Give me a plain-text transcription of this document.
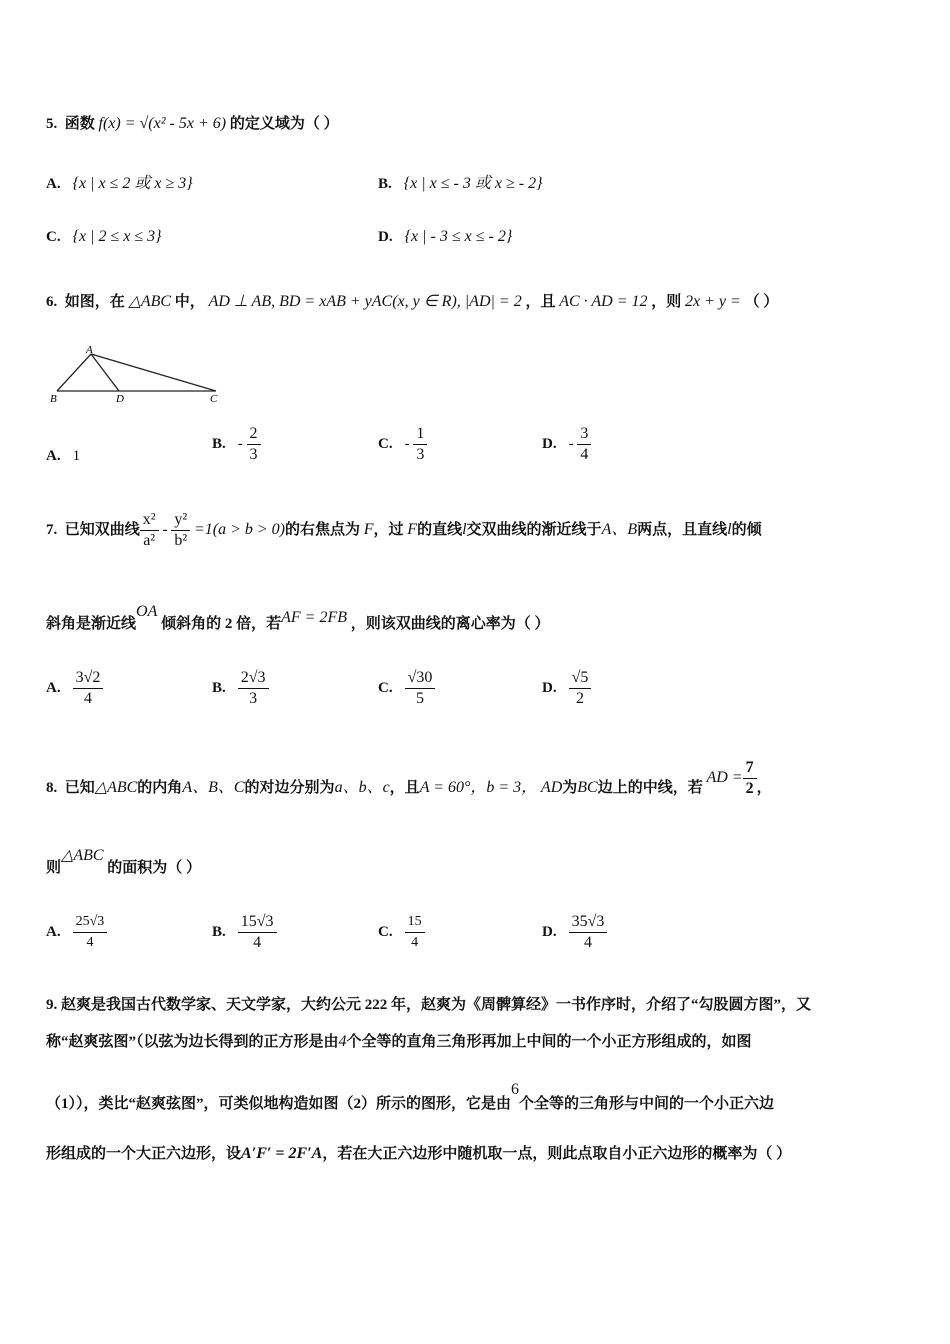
5. 函数 f(x) = √(x² - 5x + 6) 的定义域为（ ）
A. {x | x ≤ 2 或 x ≥ 3}	B. {x | x ≤ - 3 或 x ≥ - 2}
C. {x | 2 ≤ x ≤ 3}	D. {x | - 3 ≤ x ≤ - 2}
6. 如图，在 △ABC 中， AD ⊥ AB, BD = xAB + yAC(x, y ∈ R), |AD| = 2 ，且 AC · AD = 12 ，则 2x + y = （ ）
A
B	D	C
A. 1
B. - $\frac{2}{3}$	C. - $\frac{1}{3}$	D. - $\frac{3}{4}$
7. 已知双曲线 $\frac{\text{x²}}{\text{a²}} - \frac{\text{y²}}{\text{b²}} =1(a > b > 0)$的右焦点为 F，过 F的直线l交双曲线的渐近线于A、B两点，且直线l的倾
斜角是渐近线OA 倾斜角的 2 倍，若AF = 2FB ，则该双曲线的离心率为（ ）
A. $\frac{3√2}{4}$	B. $\frac{2√3}{3}$	C. $\frac{√30}{5}$	D. $\frac{√5}{2}$
8. 已知△ABC的内角A、B、C的对边分别为a、b、c，且A = 60°，b = 3， AD为BC边上的中线，若 AD = $\frac{7}{2}$ ，
则△ABC 的面积为（ ）
A. $\frac{25√3}{4}$	B. $\frac{15√3}{4}$	C. $\frac{15}{4}$	D. $\frac{35√3}{4}$
9. 赵爽是我国古代数学家、天文学家，大约公元 222 年，赵爽为《周髀算经》一书作序时，介绍了“勾股圆方图”，又
称“赵爽弦图”（以弦为边长得到的正方形是由4个全等的直角三角形再加上中间的一个小正方形组成的，如图
（1）），类比“赵爽弦图”，可类似地构造如图（2）所示的图形，它是由6个全等的三角形与中间的一个小正六边
形组成的一个大正六边形，设A′F′ = 2F′A，若在大正六边形中随机取一点，则此点取自小正六边形的概率为（ ）
